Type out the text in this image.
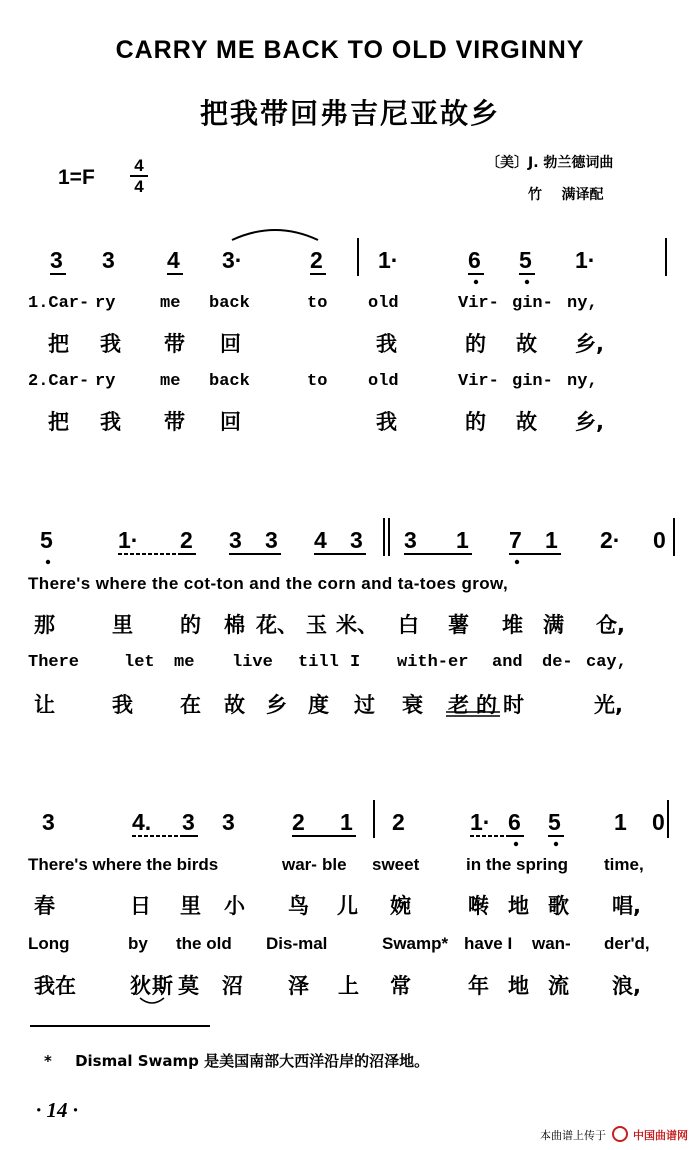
CARRY ME BACK TO OLD VIRGINNY
把我带回弗吉尼亚故乡
1=F
4
4
〔美〕J. 勃兰德词曲
竹    满译配
3 3 4 3·	2 1·	6 5 1·
1.Car- ry	me back	to old	Vir- gin- ny,
把 我 带 回	我	的 故 乡,
2.Car- ry	me back	to old	Vir- gin- ny,
把 我 带 回	我	的 故 乡,
5	1· 2 3 3 4 3 3 1 7 1 2· 0
There's where the cot-ton and the corn and ta-toes grow,
那	里 的 棉 花、 玉 米、 白 薯 堆 满 仓,
There	let me live till I with-er and de- cay,
让	我 在 故 乡 度 过 衰 老 的 时	光,
3	4. 3 3 2 1 2	1· 6 5 1 0
There's where the birds	war- ble sweet	in the spring time,
春	日 里 小 鸟 儿 婉	啭 地 歌 唱,
Long	by the old Dis-mal	Swamp* have I wan- der'd,
我在	狄 斯 莫 沼 泽 上 常	年 地 流 浪,
* Dismal Swamp 是美国南部大西洋沿岸的沼泽地。
· 14 ·
本曲谱上传于 中国曲谱网
